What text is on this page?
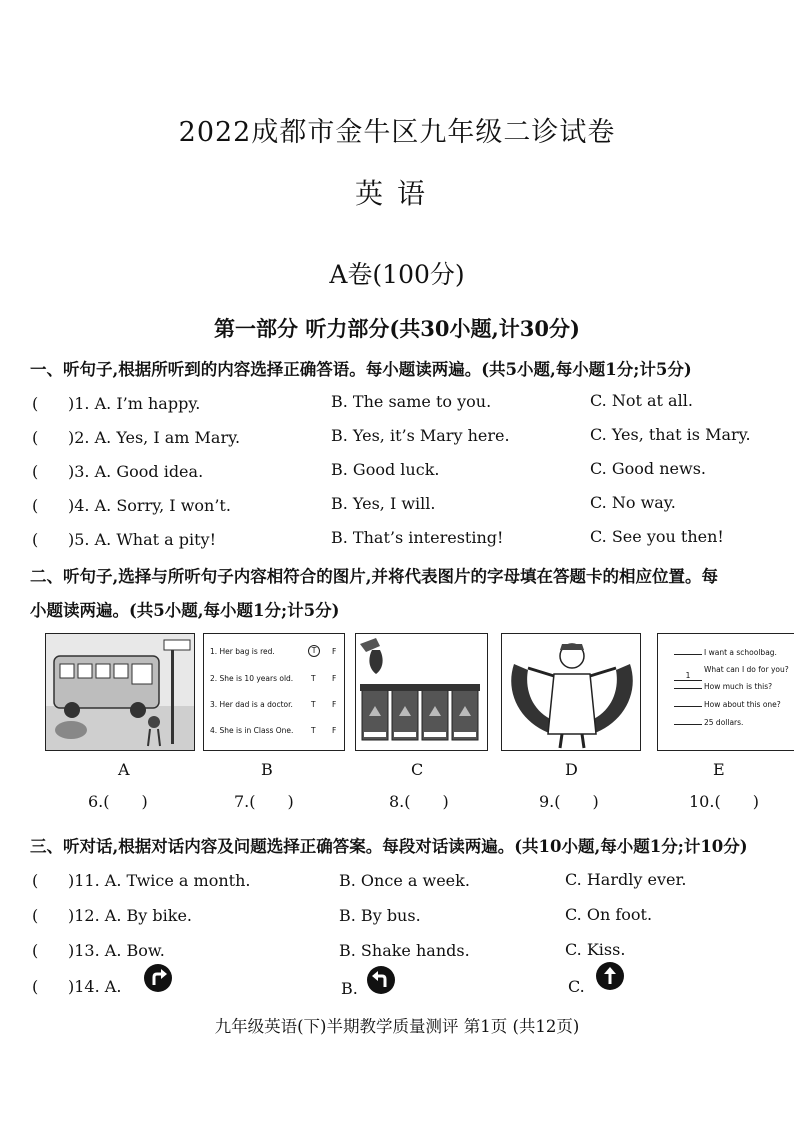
2022成都市金牛区九年级二诊试卷
英语
A卷(100分)
第一部分 听力部分(共30小题,计30分)
一、听句子,根据所听到的内容选择正确答语。每小题读两遍。(共5小题,每小题1分;计5分)
( )1. A. I’m happy.	B. The same to you.	C. Not at all.
( )2. A. Yes, I am Mary.	B. Yes, it’s Mary here.	C. Yes, that is Mary.
( )3. A. Good idea.	B. Good luck.	C. Good news.
( )4. A. Sorry, I won’t.	B. Yes, I will.	C. No way.
( )5. A. What a pity!	B. That’s interesting!	C. See you then!
二、听句子,选择与所听句子内容相符合的图片,并将代表图片的字母填在答题卡的相应位置。每
小题读两遍。(共5小题,每小题1分;计5分)
1. Her bag is red.
2. She is 10 years old.
3. Her dad is a doctor.
4. She is in Class One.
T	F
T F
T F
T F
I want a schoolbag.
1
What can I do for you?
How much is this?
How about this one?
25 dollars.
A	B	C	D	E
6.(　　)	7.(　　)	8.(　　)	9.(　　)	10.(　　)
三、听对话,根据对话内容及问题选择正确答案。每段对话读两遍。(共10小题,每小题1分;计10分)
( )11. A. Twice a month.	B. Once a week.	C. Hardly ever.
( )12. A. By bike.	B. By bus.	C. On foot.
( )13. A. Bow.	B. Shake hands.	C. Kiss.
( )14. A.	B.	C.
九年级英语(下)半期教学质量测评 第1页 (共12页)
